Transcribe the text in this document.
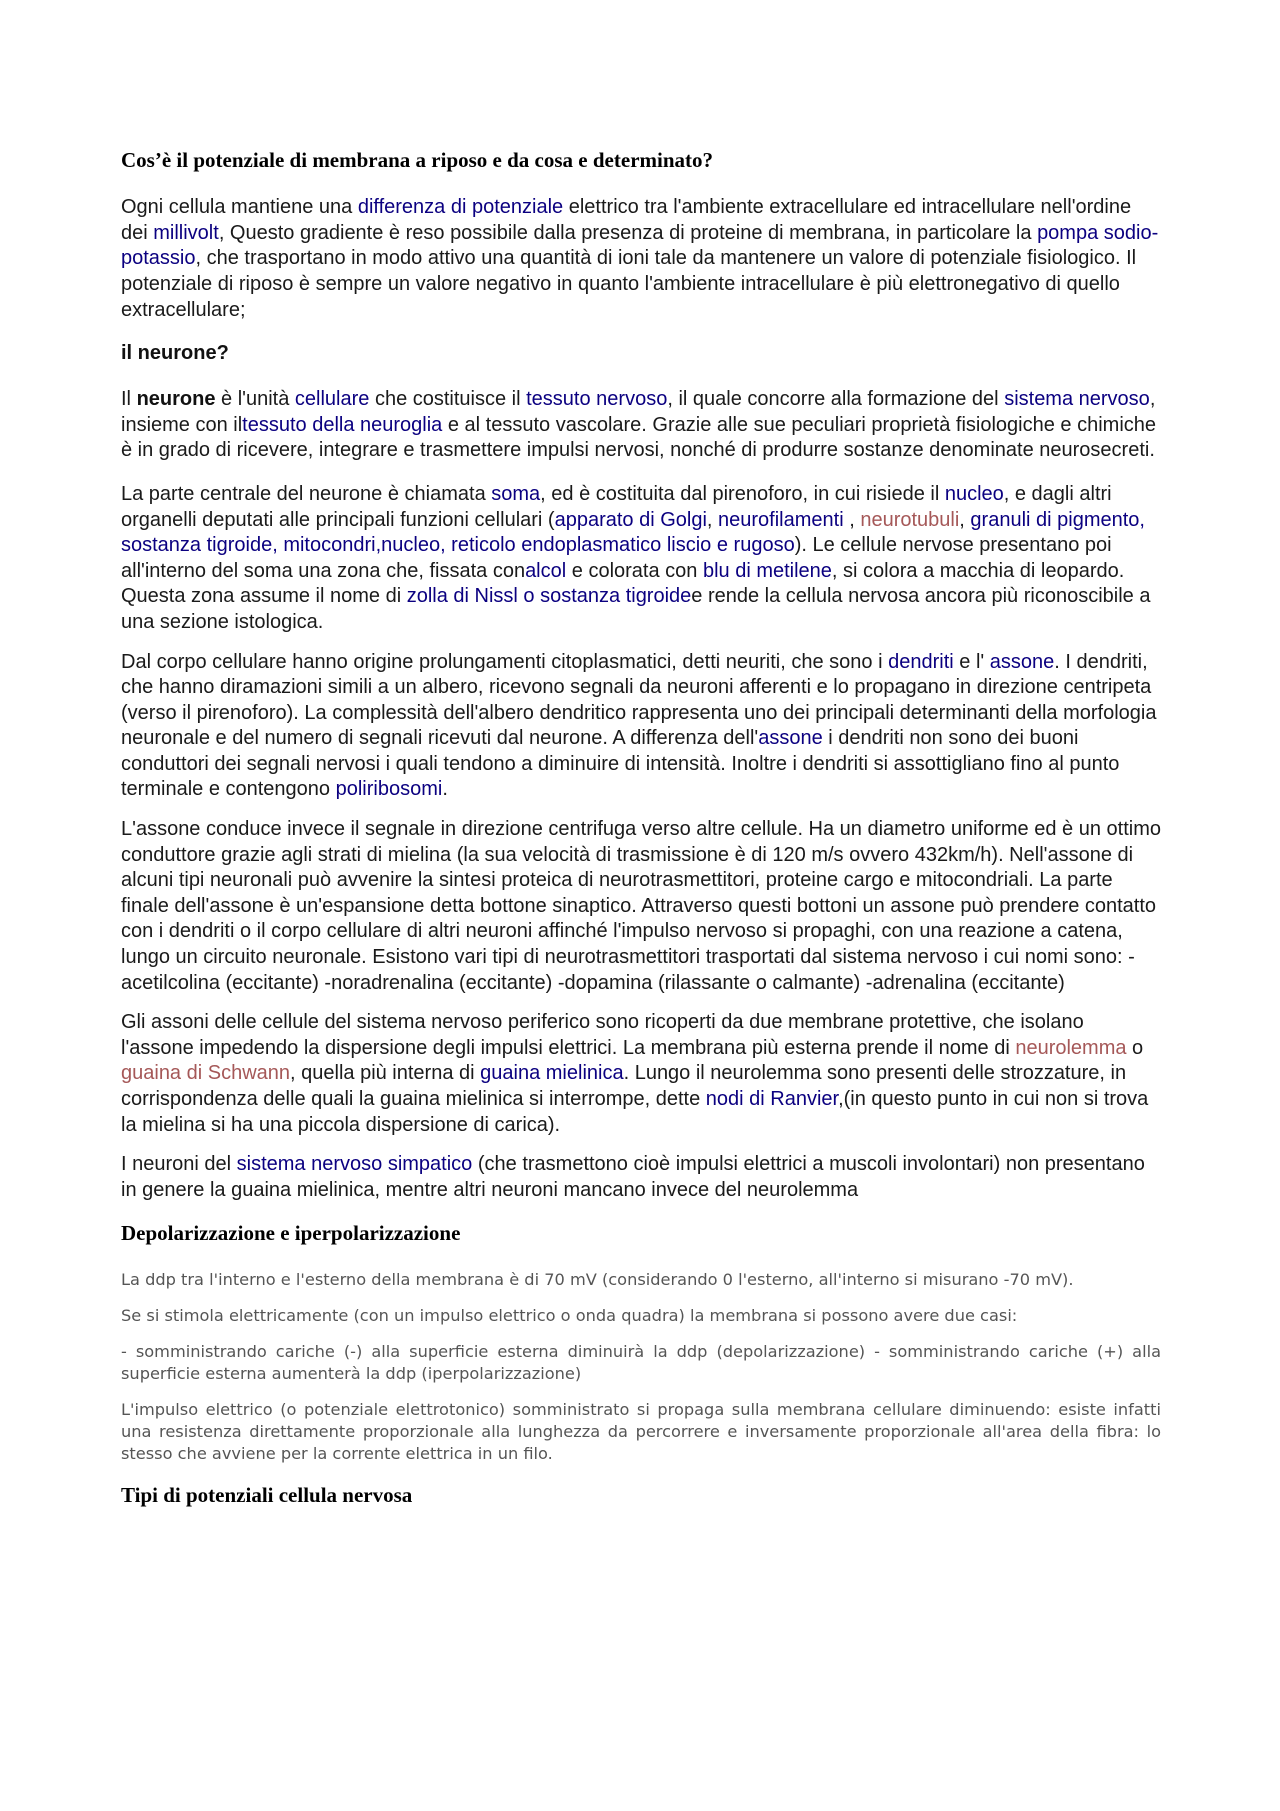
Cos’è il potenziale di membrana a riposo e da cosa e determinato?

Ogni cellula mantiene una differenza di potenziale elettrico tra l'ambiente extracellulare ed intracellulare nell'ordine dei millivolt, Questo gradiente è reso possibile dalla presenza di proteine di membrana, in particolare la pompa sodio-potassio, che trasportano in modo attivo una quantità di ioni tale da mantenere un valore di potenziale fisiologico. Il potenziale di riposo è sempre un valore negativo in quanto l'ambiente intracellulare è più elettronegativo di quello extracellulare;

il neurone?

Il neurone è l'unità cellulare che costituisce il tessuto nervoso, il quale concorre alla formazione del sistema nervoso, insieme con iltessuto della neuroglia e al tessuto vascolare. Grazie alle sue peculiari proprietà fisiologiche e chimiche è in grado di ricevere, integrare e trasmettere impulsi nervosi, nonché di produrre sostanze denominate neurosecreti.

La parte centrale del neurone è chiamata soma, ed è costituita dal pirenoforo, in cui risiede il nucleo, e dagli altri organelli deputati alle principali funzioni cellulari (apparato di Golgi, neurofilamenti , neurotubuli, granuli di pigmento, sostanza tigroide, mitocondri,nucleo, reticolo endoplasmatico liscio e rugoso). Le cellule nervose presentano poi all'interno del soma una zona che, fissata conalcol e colorata con blu di metilene, si colora a macchia di leopardo. Questa zona assume il nome di zolla di Nissl o sostanza tigroidee rende la cellula nervosa ancora più riconoscibile a una sezione istologica.

Dal corpo cellulare hanno origine prolungamenti citoplasmatici, detti neuriti, che sono i dendriti e l' assone. I dendriti, che hanno diramazioni simili a un albero, ricevono segnali da neuroni afferenti e lo propagano in direzione centripeta (verso il pirenoforo). La complessità dell'albero dendritico rappresenta uno dei principali determinanti della morfologia neuronale e del numero di segnali ricevuti dal neurone. A differenza dell'assone i dendriti non sono dei buoni conduttori dei segnali nervosi i quali tendono a diminuire di intensità. Inoltre i dendriti si assottigliano fino al punto terminale e contengono poliribosomi.

L'assone conduce invece il segnale in direzione centrifuga verso altre cellule. Ha un diametro uniforme ed è un ottimo conduttore grazie agli strati di mielina (la sua velocità di trasmissione è di 120 m/s ovvero 432km/h). Nell'assone di alcuni tipi neuronali può avvenire la sintesi proteica di neurotrasmettitori, proteine cargo e mitocondriali. La parte finale dell'assone è un'espansione detta bottone sinaptico. Attraverso questi bottoni un assone può prendere contatto con i dendriti o il corpo cellulare di altri neuroni affinché l'impulso nervoso si propaghi, con una reazione a catena, lungo un circuito neuronale. Esistono vari tipi di neurotrasmettitori trasportati dal sistema nervoso i cui nomi sono: -acetilcolina (eccitante) -noradrenalina (eccitante) -dopamina (rilassante o calmante) -adrenalina (eccitante)

Gli assoni delle cellule del sistema nervoso periferico sono ricoperti da due membrane protettive, che isolano l'assone impedendo la dispersione degli impulsi elettrici. La membrana più esterna prende il nome di neurolemma o guaina di Schwann, quella più interna di guaina mielinica. Lungo il neurolemma sono presenti delle strozzature, in corrispondenza delle quali la guaina mielinica si interrompe, dette nodi di Ranvier,(in questo punto in cui non si trova la mielina si ha una piccola dispersione di carica).

I neuroni del sistema nervoso simpatico (che trasmettono cioè impulsi elettrici a muscoli involontari) non presentano in genere la guaina mielinica, mentre altri neuroni mancano invece del neurolemma

Depolarizzazione e iperpolarizzazione

La ddp tra l'interno e l'esterno della membrana è di 70 mV (considerando 0 l'esterno, all'interno si misurano -70 mV).

Se si stimola elettricamente (con un impulso elettrico o onda quadra) la membrana si possono avere due casi:

- somministrando cariche (-) alla superficie esterna diminuirà la ddp (depolarizzazione) - somministrando cariche (+) alla superficie esterna aumenterà la ddp (iperpolarizzazione)

L'impulso elettrico (o potenziale elettrotonico) somministrato si propaga sulla membrana cellulare diminuendo: esiste infatti una resistenza direttamente proporzionale alla lunghezza da percorrere e inversamente proporzionale all'area della fibra: lo stesso che avviene per la corrente elettrica in un filo.

Tipi di potenziali cellula nervosa
